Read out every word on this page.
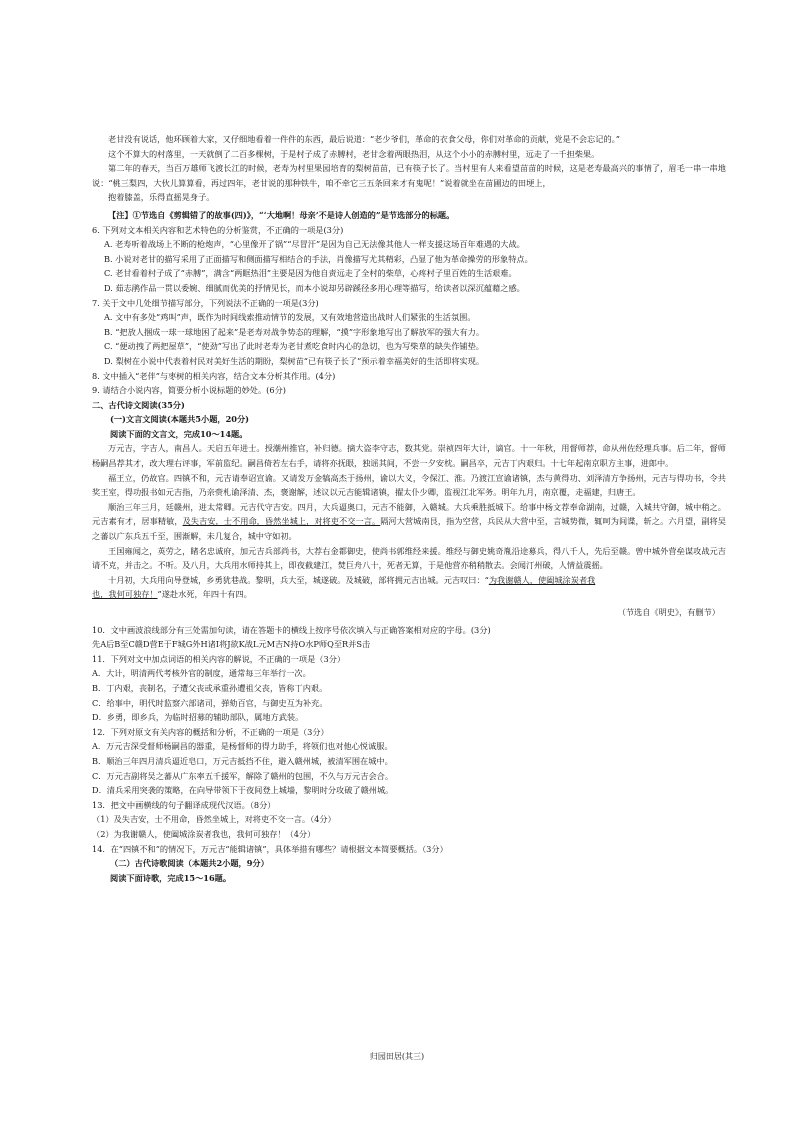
老甘没有说话，他环顾着大家，又仔细地看着一件件的东西，最后说道：“老少爷们，革命的衣食父母，你们对革命的贡献，党是不会忘记的。”

这个不算大的村落里，一天就倒了二百多棵树，于是村子成了赤膊村，老甘念着两眼热泪，从这个小小的赤膊村里，远走了一千担柴果。

第二年的春天，当百万雄师飞渡长江的时候，老寿为村里果园培育的梨树苗苗，已有筷子长了。当村里有人来看望苗苗的时候，这是老寿最高兴的事情了，眉毛一串一串地说：“桃三梨四，大伙儿算算看，再过四年，老甘说的那种铁牛，咱不牵它三五条回来才有鬼呢！”说着就坐在苗圃边的田埂上，

抱着膝盖，乐得直摇晃身子。

【注】①节选自《剪辑错了的故事(四)》，“‘大地啊！母亲’不是诗人创造的”是节选部分的标题。

6. 下列对文本相关内容和艺术特色的分析鉴赏，不正确的一项是(3分)

A. 老寿听着战场上不断的枪炮声，“心里像开了锅”“尽冒汗”是因为自己无法像其他人一样支援这场百年难遇的大战。

B. 小说对老甘的描写采用了正面描写和侧面描写相结合的手法，肖像描写尤其精彩，凸显了他为革命操劳的形象特点。

C. 老甘看着村子成了“赤膊”，满含“两眶热泪”主要是因为他自责远走了全村的柴草，心疼村子里百姓的生活艰难。

D. 茹志鹃作品一贯以委婉、细腻而优美的抒情见长，而本小说却另辟蹊径多用心理等描写，给读者以深沉蕴藉之感。

7. 关于文中几处细节描写部分，下列说法不正确的一项是(3分)

A. 文中有多处“鸡叫”声，既作为时间线索推动情节的发展，又有效地营造出战时人们紧张的生活氛围。

B. “把放人捆成一球一球地困了起来”是老寿对战争势态的理解，“摸”字形象地写出了解放军的强大有力。

C. “便动拽了两把屋草”，“使劲”写出了此时老寿为老甘煮吃食时内心的急切，也为写柴草的缺失作铺垫。

D. 梨树在小说中代表着村民对美好生活的期盼，梨树苗“已有筷子长了”预示着幸福美好的生活即将实现。

8. 文中插入“老伴”与枣树的相关内容，结合文本分析其作用。(4分)

9. 请结合小说内容，简要分析小说标题的妙处。(6分)

二、古代诗文阅读(35分)

(一)文言文阅读(本题共5小题，20分)

阅读下面的文言文，完成10～14题。

万元吉，字吉人，南昌人。天启五年进士。授潮州推官，补归德。摘大盗李守志，数其党。崇祯四年大计，谪官。十一年秋，用督师荐，命从州佐经理兵事。后二年，督师杨嗣昌荐其才，改大理右评事，军前监纪。嗣昌倚若左右手，请将亦抚眼，独谣其间，不尝一夕安枕。嗣昌卒，元吉丁内艰归。十七年起南京职方主事，进郎中。

福王立，仍故官。四镇不和，元吉请奉诏宣谕。又请发万金犒高杰于扬州，谕以大义，令保江、淮。乃渡江宣谕诸镇，杰与黄得功、刘泽清方争扬州，元吉与得功书，令共奖王室，得功报书如元吉指，乃亲赍札谕泽清、杰，褒谢解，述议以元吉能辑诸镇，擢太仆少卿，监视江北军务。明年九月，南京覆，走福建，归唐王。

顺治三年三月，廷赣州，进太常卿。元吉代守吉安。四月，大兵逼奥口，元吉不能御，入赣城。大兵乘胜抵城下。给事中杨文荐奉命湖南，过赣，入城共守御，城中稍之。元吉素有才，居事精敏，及失吉安，士不用命，昏然坐城上，对将吏不交一言。隔河大营城南艮，指为空营，兵民从大营中至，言城势微，辄呵为间谍，斩之。六月望，副将吴之蕃以广东兵五千至，围渐解，未几复合，城中守如初。

王国雍闻之，英劳之，睹名忠诚府，加元吉兵部尚书，大荐右金都御史，使尚书郭维经来援。维经与御史姚奇胤沿途募兵，得八千人，先后至赣。曾中城外营垒谋攻战元吉请不克，并击之。不听。及八月，大兵用水师持其上，即夜截建江，焚巨舟八十，死者无算，于是他营亦稍稍散去。会闻汀州破，人情益震摇。

十月初，大兵用向导登城，乡勇犹巷战。黎明，兵大至，城遂破。及城破，部将拥元吉出城。元吉叹曰：“为我谢赣人，使阖城涂炭者我
也，我何可独存！”遂赴水死，年四十有四。

（节选自《明史》，有删节）

10．文中画波浪线部分有三处需加句读，请在答题卡的横线上按序号依次填入与正确答案相对应的字母。(3分)

先A后B至C赣D营E于F城G外H诸I将J欲K战L元M吉N持O水P师Q至R并S击

11．下列对文中加点词语的相关内容的解说，不正确的一项是（3分）

A．大计，明清两代考核外官的制度，通常每三年举行一次。

B．丁内艰，丧制名，子遭父丧或承重孙遭祖父丧，皆称丁内艰。

C．给事中，明代时监察六部诸司，弹劾百官，与御史互为补充。

D．乡勇，即乡兵，为临时招募的辅助部队，属地方武装。

12．下列对原文有关内容的概括和分析，不正确的一项是（3分）

A．万元吉深受督师杨嗣昌的器重，是杨督师的得力助手，将领们也对他心悦诚服。

B．顺治三年四月清兵逼近皂口，万元吉抵挡不住，避入赣州城，被清军围在城中。

C．万元吉副将吴之蕃从广东率五千援军，解除了赣州的包围，不久与万元吉会合。

D．清兵采用突袭的策略，在向导带领下于夜间登上城墙，黎明时分攻破了赣州城。

13．把文中画横线的句子翻译成现代汉语。（8分）

（1）及失吉安，士不用命，昏然坐城上，对将吏不交一言。（4分）

（2）为我谢赣人，使阖城涂炭者我也，我何可独存！（4分）

14．在“四镇不和”的情况下，万元吉“能辑诸镇”，具体举措有哪些？请根据文本简要概括。（3分）

（二）古代诗歌阅读（本题共2小题，9分）

阅读下面诗歌，完成15～16题。

归园田居(其三)
